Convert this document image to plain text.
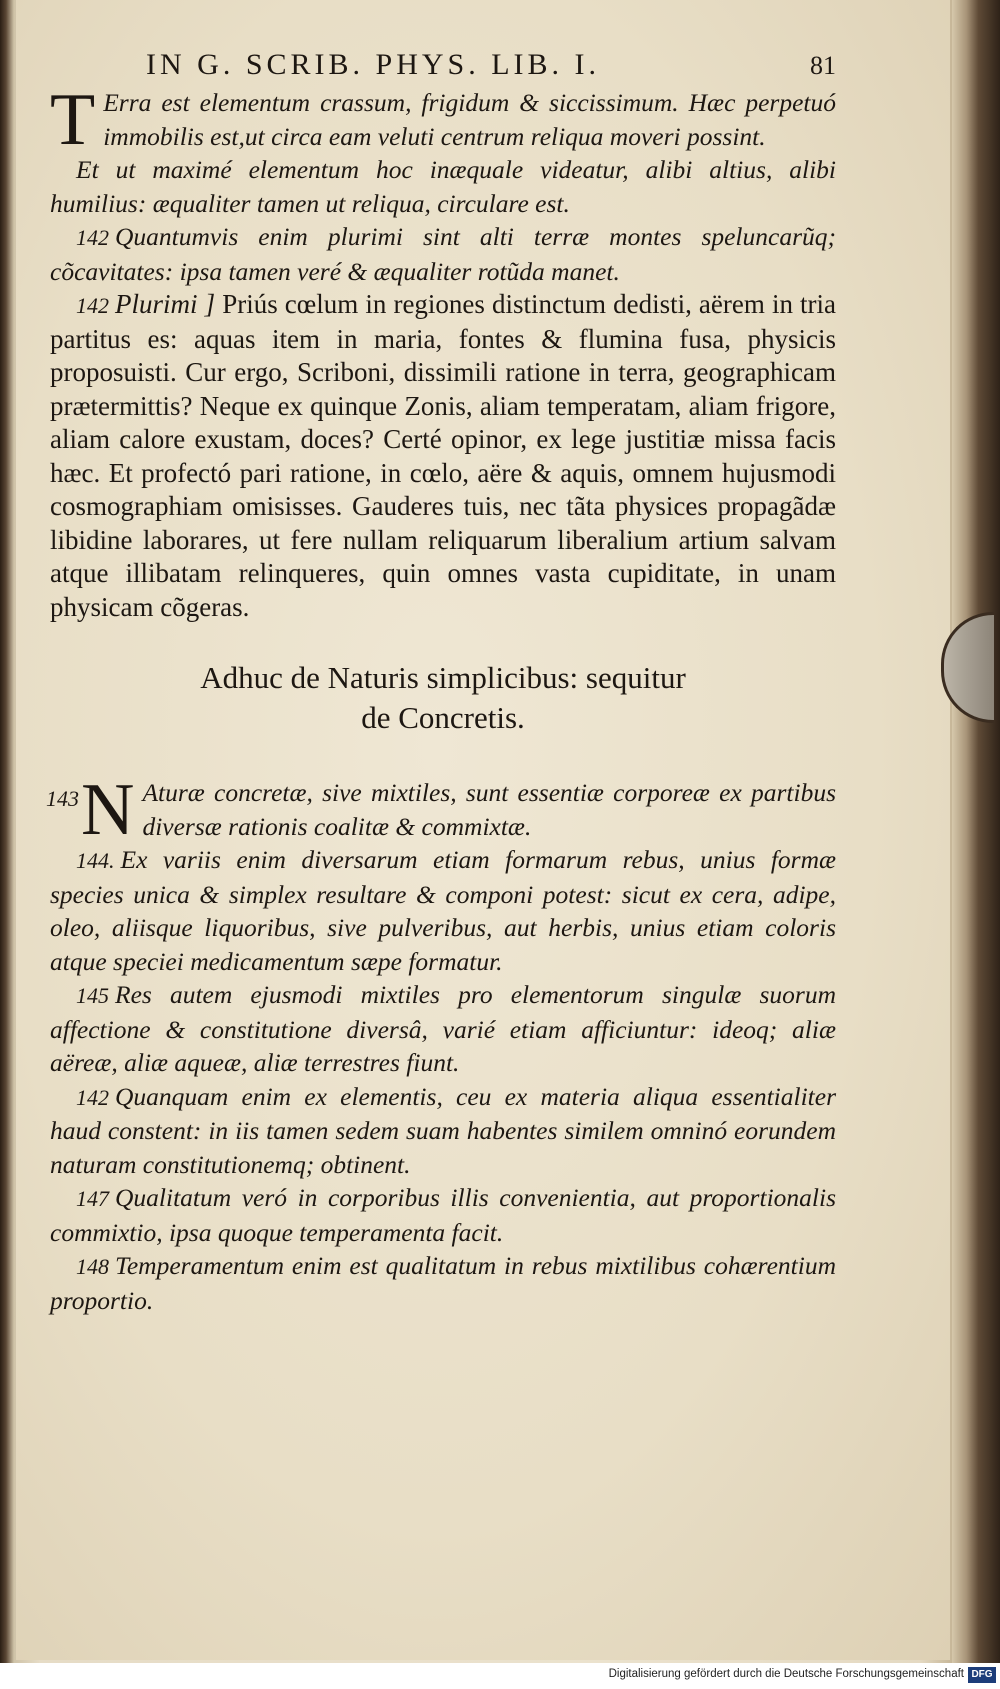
IN G. SCRIB. PHYS. LIB. I.	81

T Erra est elementum crassum, frigidum & siccissimum. Hæc perpetuó immobilis est,ut circa eam veluti centrum reliqua moveri possint.

Et ut maximé elementum hoc inæquale videatur, alibi altius, alibi humilius: æqualiter tamen ut reliqua, circulare est.

142 Quantumvis enim plurimi sint alti terræ montes speluncarũq; cõcavitates: ipsa tamen veré & æqualiter rotũda manet.

142 Plurimi ] Priús cœlum in regiones distinctum dedisti, aërem in tria partitus es: aquas item in maria, fontes & flumina fusa, physicis proposuisti. Cur ergo, Scriboni, dissimili ratione in terra, geographicam prætermittis? Neque ex quinque Zonis, aliam temperatam, aliam frigore, aliam calore exustam, doces? Certé opinor, ex lege justitiæ missa facis hæc. Et profectó pari ratione, in cœlo, aëre & aquis, omnem hujusmodi cosmographiam omisisses. Gauderes tuis, nec tãta physices propagãdæ libidine laborares, ut fere nullam reliquarum liberalium artium salvam atque illibatam relinqueres, quin omnes vasta cupiditate, in unam physicam cõgeras.

Adhuc de Naturis simplicibus: sequitur
de Concretis.

143 N Aturæ concretæ, sive mixtiles, sunt essentiæ corporeæ ex partibus diversæ rationis coalitæ & commixtæ.

144. Ex variis enim diversarum etiam formarum rebus, unius formæ species unica & simplex resultare & componi potest: sicut ex cera, adipe, oleo, aliisque liquoribus, sive pulveribus, aut herbis, unius etiam coloris atque speciei medicamentum sæpe formatur.

145 Res autem ejusmodi mixtiles pro elementorum singulæ suorum affectione & constitutione diversâ, varié etiam afficiuntur: ideoq; aliæ aëreæ, aliæ aqueæ, aliæ terrestres fiunt.

142 Quanquam enim ex elementis, ceu ex materia aliqua essentialiter haud constent: in iis tamen sedem suam habentes similem omninó eorundem naturam constitutionemq; obtinent.

147 Qualitatum veró in corporibus illis convenientia, aut proportionalis commixtio, ipsa quoque temperamenta facit.

148 Temperamentum enim est qualitatum in rebus mixtilibus cohærentium proportio.

Digitalisierung gefördert durch die Deutsche Forschungsgemeinschaft DFG
